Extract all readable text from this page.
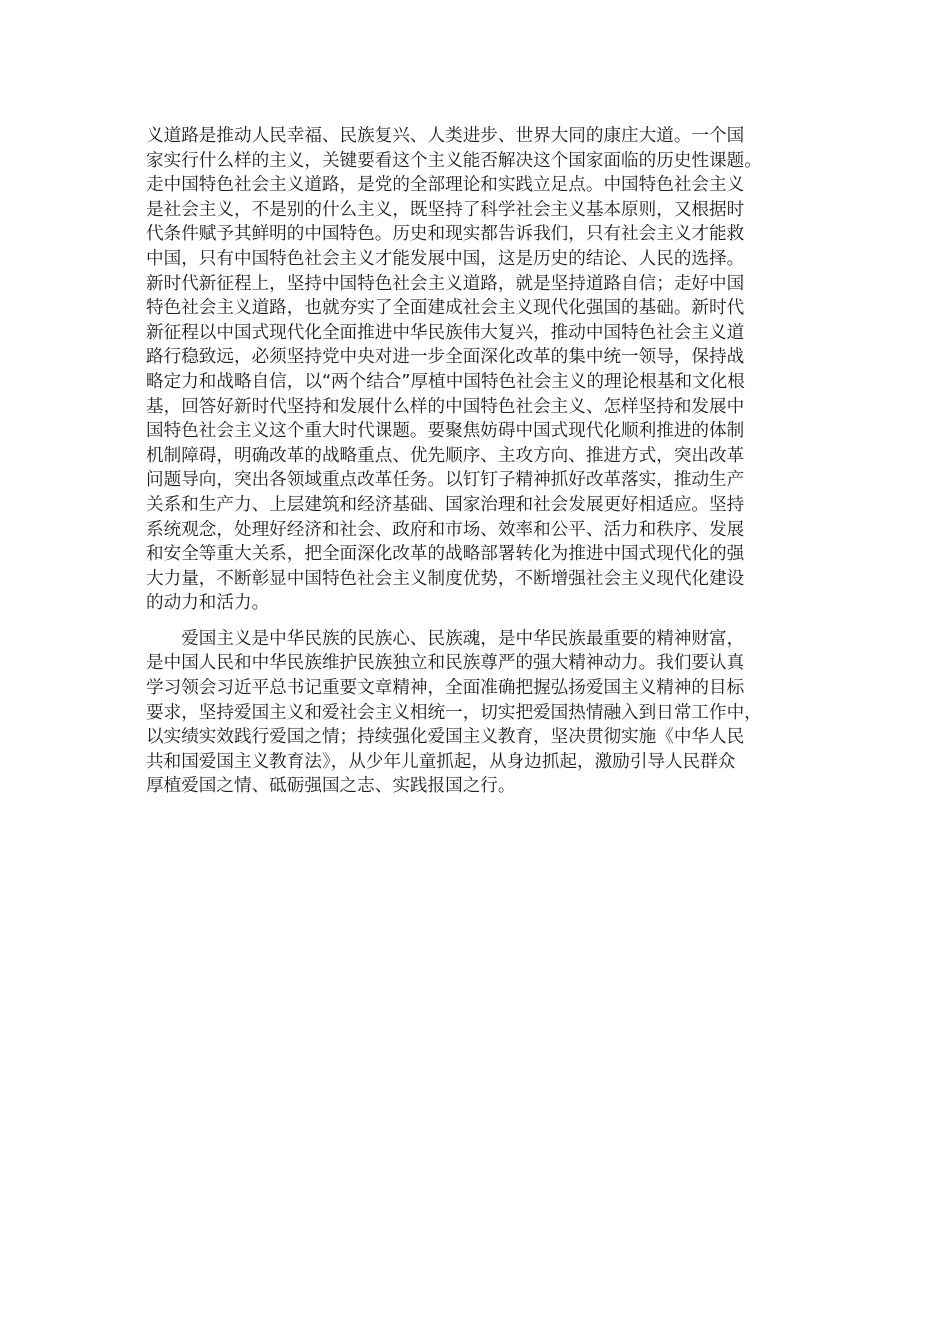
义道路是推动人民幸福、民族复兴、人类进步、世界大同的康庄大道。一个国
家实行什么样的主义，关键要看这个主义能否解决这个国家面临的历史性课题。
走中国特色社会主义道路，是党的全部理论和实践立足点。中国特色社会主义
是社会主义，不是别的什么主义，既坚持了科学社会主义基本原则，又根据时
代条件赋予其鲜明的中国特色。历史和现实都告诉我们，只有社会主义才能救
中国，只有中国特色社会主义才能发展中国，这是历史的结论、人民的选择。
新时代新征程上，坚持中国特色社会主义道路，就是坚持道路自信；走好中国
特色社会主义道路，也就夯实了全面建成社会主义现代化强国的基础。新时代
新征程以中国式现代化全面推进中华民族伟大复兴，推动中国特色社会主义道
路行稳致远，必须坚持党中央对进一步全面深化改革的集中统一领导，保持战
略定力和战略自信，以“两个结合”厚植中国特色社会主义的理论根基和文化根
基，回答好新时代坚持和发展什么样的中国特色社会主义、怎样坚持和发展中
国特色社会主义这个重大时代课题。要聚焦妨碍中国式现代化顺利推进的体制
机制障碍，明确改革的战略重点、优先顺序、主攻方向、推进方式，突出改革
问题导向，突出各领域重点改革任务。以钉钉子精神抓好改革落实，推动生产
关系和生产力、上层建筑和经济基础、国家治理和社会发展更好相适应。坚持
系统观念，处理好经济和社会、政府和市场、效率和公平、活力和秩序、发展
和安全等重大关系，把全面深化改革的战略部署转化为推进中国式现代化的强
大力量，不断彰显中国特色社会主义制度优势，不断增强社会主义现代化建设
的动力和活力。
　　爱国主义是中华民族的民族心、民族魂，是中华民族最重要的精神财富，
是中国人民和中华民族维护民族独立和民族尊严的强大精神动力。我们要认真
学习领会习近平总书记重要文章精神，全面准确把握弘扬爱国主义精神的目标
要求，坚持爱国主义和爱社会主义相统一，切实把爱国热情融入到日常工作中，
以实绩实效践行爱国之情；持续强化爱国主义教育，坚决贯彻实施《中华人民
共和国爱国主义教育法》，从少年儿童抓起，从身边抓起，激励引导人民群众
厚植爱国之情、砥砺强国之志、实践报国之行。
